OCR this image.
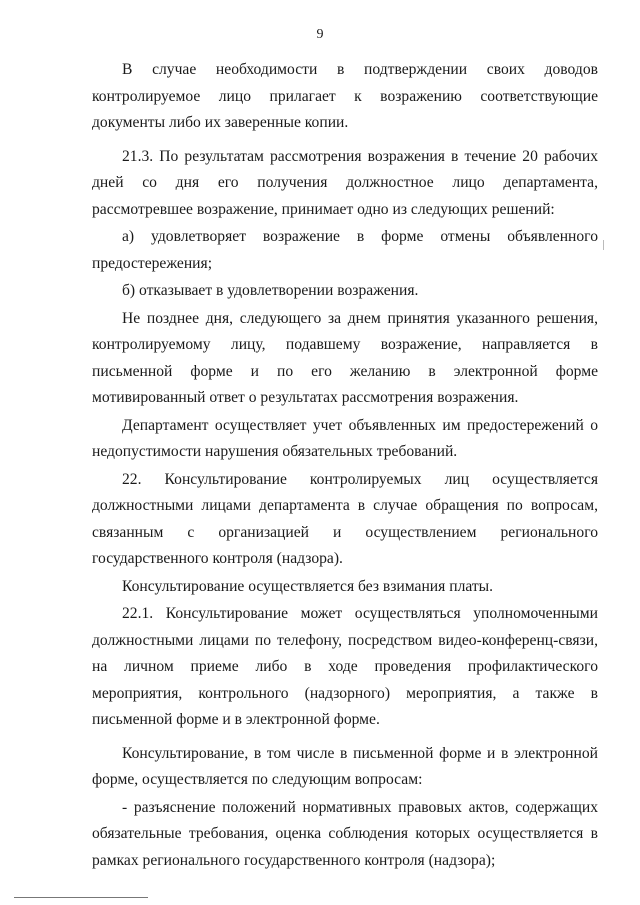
9

В случае необходимости в подтверждении своих доводов контролируемое лицо прилагает к возражению соответствующие документы либо их заверенные копии.

21.3. По результатам рассмотрения возражения в течение 20 рабочих дней со дня его получения должностное лицо департамента, рассмотревшее возражение, принимает одно из следующих решений:

а) удовлетворяет возражение в форме отмены объявленного предостережения;

б) отказывает в удовлетворении возражения.

Не позднее дня, следующего за днем принятия указанного решения, контролируемому лицу, подавшему возражение, направляется в письменной форме и по его желанию в электронной форме мотивированный ответ о результатах рассмотрения возражения.

Департамент осуществляет учет объявленных им предостережений о недопустимости нарушения обязательных требований.

22. Консультирование контролируемых лиц осуществляется должностными лицами департамента в случае обращения по вопросам, связанным с организацией и осуществлением регионального государственного контроля (надзора).

Консультирование осуществляется без взимания платы.

22.1. Консультирование может осуществляться уполномоченными должностными лицами по телефону, посредством видео-конференц-связи, на личном приеме либо в ходе проведения профилактического мероприятия, контрольного (надзорного) мероприятия, а также в письменной форме и в электронной форме.

Консультирование, в том числе в письменной форме и в электронной форме, осуществляется по следующим вопросам:

- разъяснение положений нормативных правовых актов, содержащих обязательные требования, оценка соблюдения которых осуществляется в рамках регионального государственного контроля (надзора);
